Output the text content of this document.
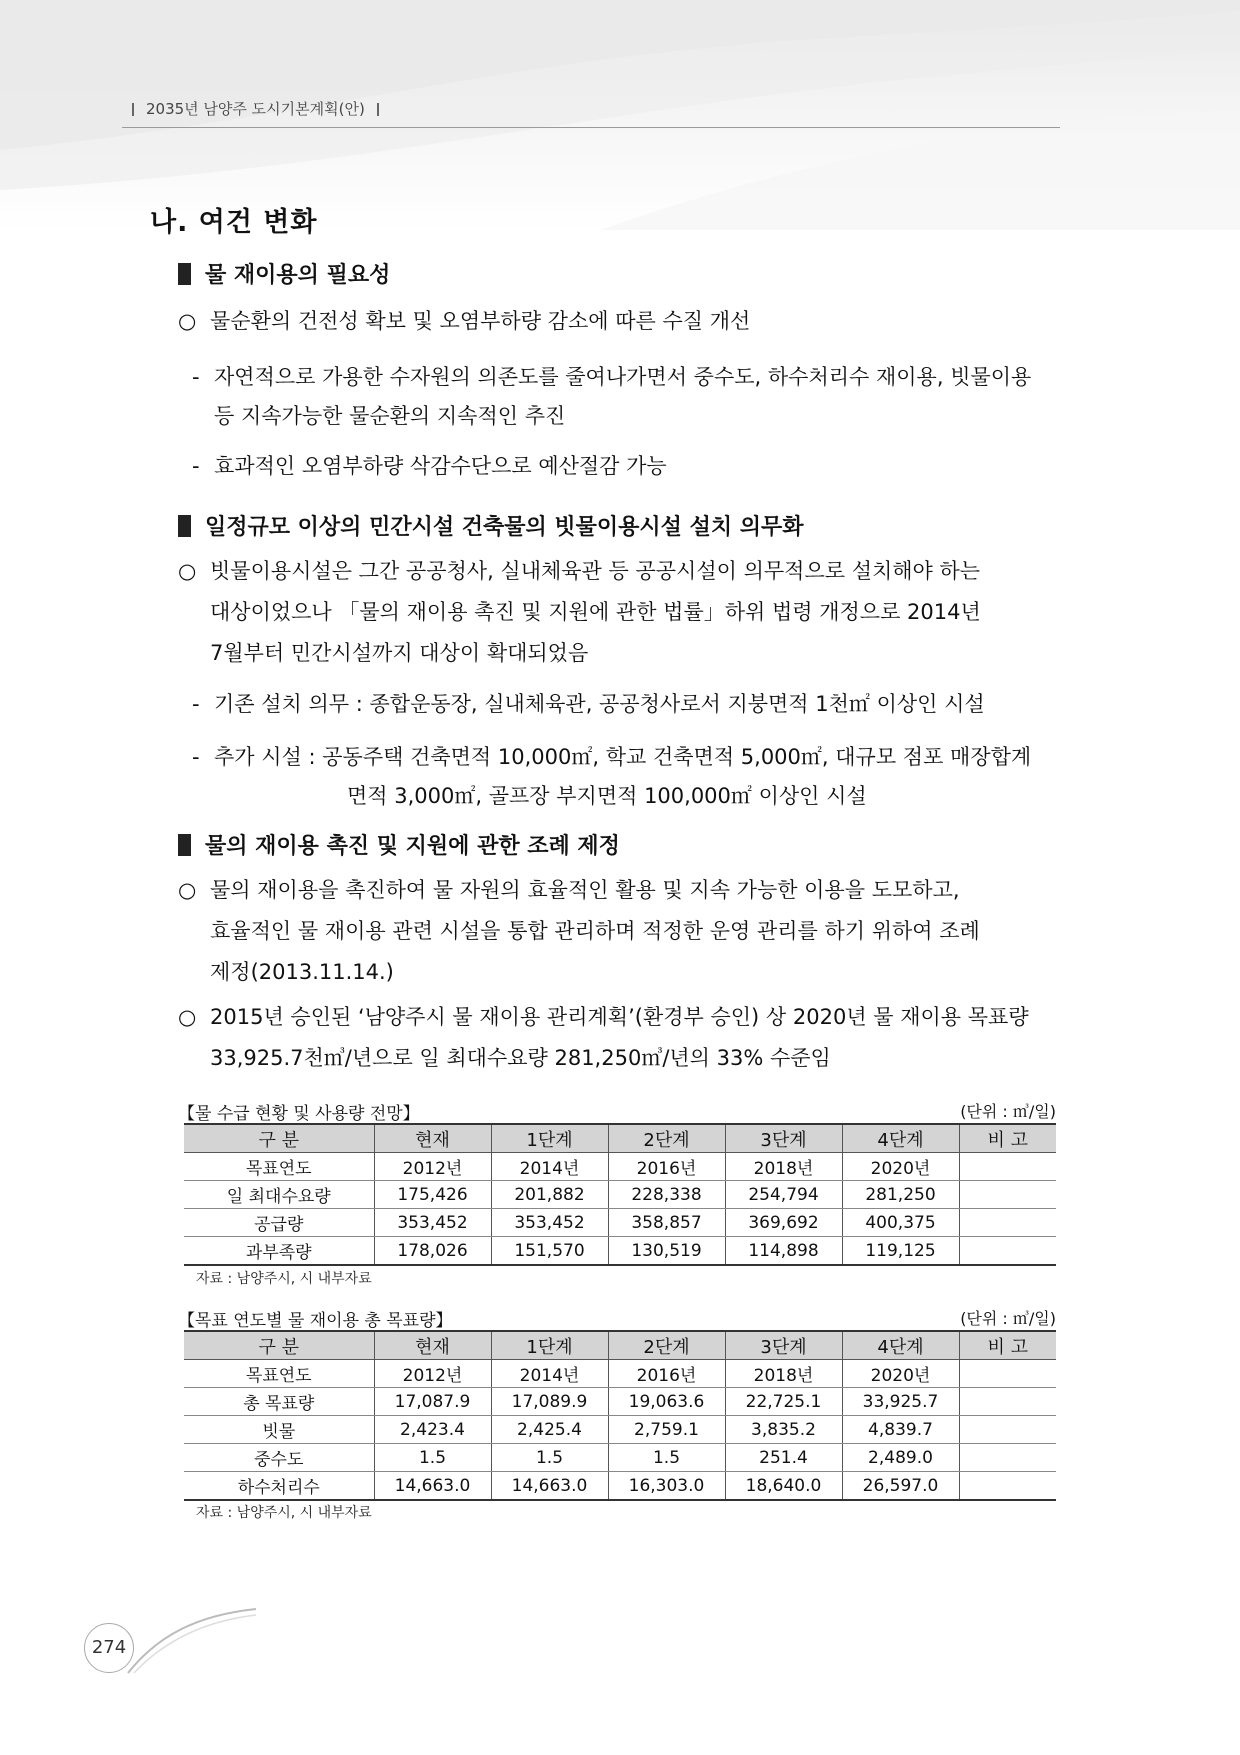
2035년 남양주 도시기본계획(안)
나. 여건 변화
물 재이용의 필요성
○ 물순환의 건전성 확보 및 오염부하량 감소에 따른 수질 개선
- 자연적으로 가용한 수자원의 의존도를 줄여나가면서 중수도, 하수처리수 재이용, 빗물이용
등 지속가능한 물순환의 지속적인 추진
- 효과적인 오염부하량 삭감수단으로 예산절감 가능
일정규모 이상의 민간시설 건축물의 빗물이용시설 설치 의무화
○ 빗물이용시설은 그간 공공청사, 실내체육관 등 공공시설이 의무적으로 설치해야 하는
대상이었으나 「물의 재이용 촉진 및 지원에 관한 법률」하위 법령 개정으로 2014년
7월부터 민간시설까지 대상이 확대되었음
- 기존 설치 의무 : 종합운동장, 실내체육관, 공공청사로서 지붕면적 1천㎡ 이상인 시설
- 추가 시설 : 공동주택 건축면적 10,000㎡, 학교 건축면적 5,000㎡, 대규모 점포 매장합계
면적 3,000㎡, 골프장 부지면적 100,000㎡ 이상인 시설
물의 재이용 촉진 및 지원에 관한 조례 제정
○ 물의 재이용을 촉진하여 물 자원의 효율적인 활용 및 지속 가능한 이용을 도모하고,
효율적인 물 재이용 관련 시설을 통합 관리하며 적정한 운영 관리를 하기 위하여 조례
제정(2013.11.14.)
○ 2015년 승인된 ‘남양주시 물 재이용 관리계획’(환경부 승인) 상 2020년 물 재이용 목표량
33,925.7천㎥/년으로 일 최대수요량 281,250㎥/년의 33% 수준임
【물 수급 현황 및 사용량 전망】	(단위 : ㎥/일)
구 분	현재	1단계	2단계	3단계	4단계	비 고
목표연도	2012년	2014년	2016년	2018년	2020년	
일 최대수요량	175,426	201,882	228,338	254,794	281,250	
공급량	353,452	353,452	358,857	369,692	400,375	
과부족량	178,026	151,570	130,519	114,898	119,125	
자료 : 남양주시, 시 내부자료
【목표 연도별 물 재이용 총 목표량】	(단위 : ㎥/일)
구 분	현재	1단계	2단계	3단계	4단계	비 고
목표연도	2012년	2014년	2016년	2018년	2020년	
총 목표량	17,087.9	17,089.9	19,063.6	22,725.1	33,925.7	
빗물	2,423.4	2,425.4	2,759.1	3,835.2	4,839.7	
중수도	1.5	1.5	1.5	251.4	2,489.0	
하수처리수	14,663.0	14,663.0	16,303.0	18,640.0	26,597.0	
자료 : 남양주시, 시 내부자료
274
